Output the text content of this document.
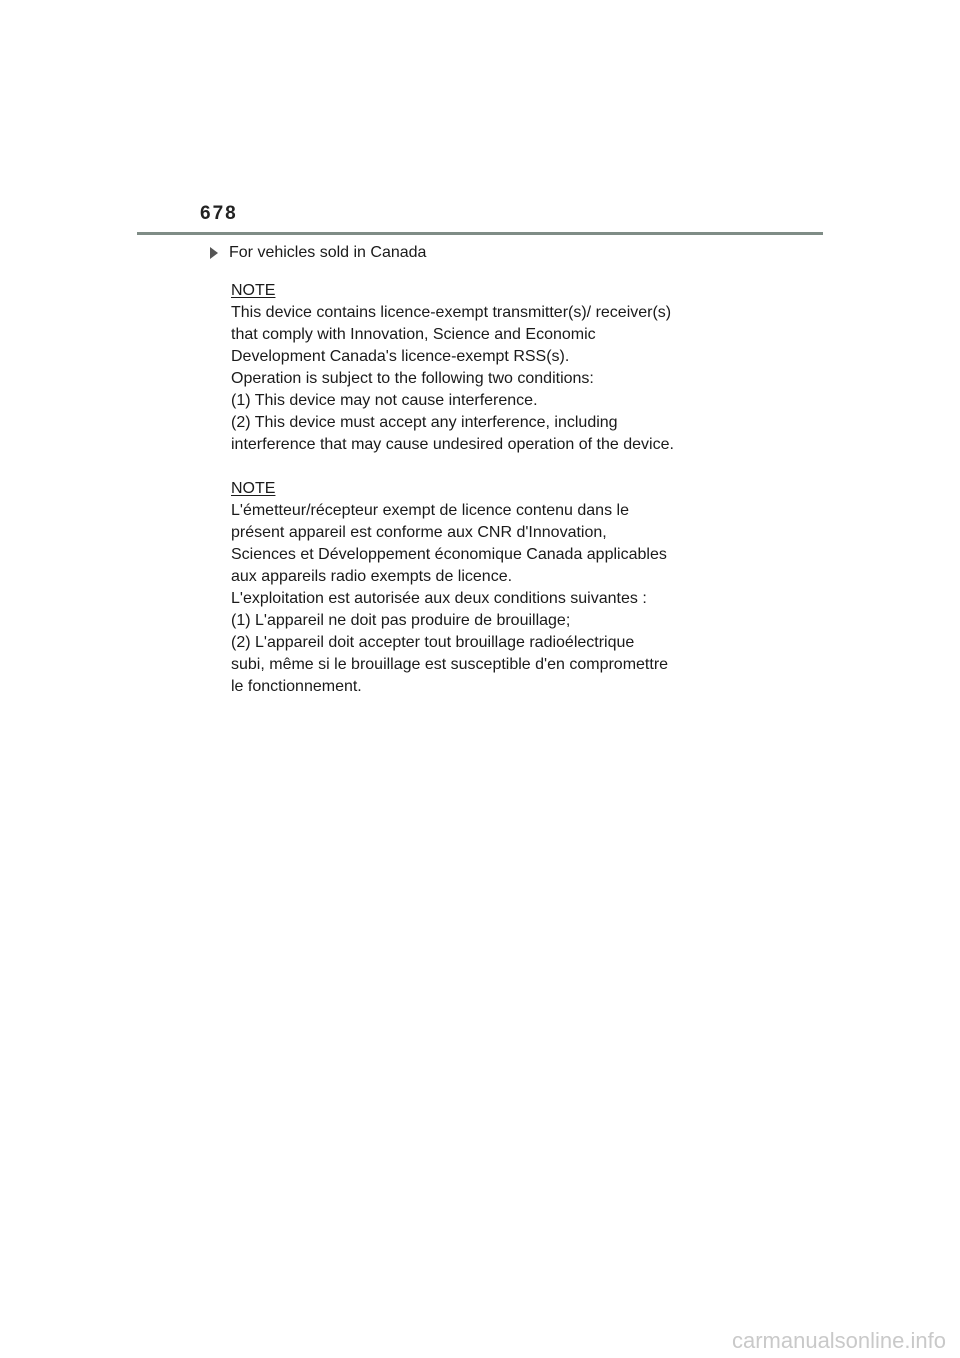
678
For vehicles sold in Canada
NOTE
This device contains licence-exempt transmitter(s)/ receiver(s)
that comply with Innovation, Science and Economic
Development Canada's licence-exempt RSS(s).
Operation is subject to the following two conditions:
(1) This device may not cause interference.
(2) This device must accept any interference, including
interference that may cause undesired operation of the device.
NOTE
L'émetteur/récepteur exempt de licence contenu dans le
présent appareil est conforme aux CNR d'Innovation,
Sciences et Développement économique Canada applicables
aux appareils radio exempts de licence.
L'exploitation est autorisée aux deux conditions suivantes :
(1) L'appareil ne doit pas produire de brouillage;
(2) L'appareil doit accepter tout brouillage radioélectrique
subi, même si le brouillage est susceptible d'en compromettre
le fonctionnement.
carmanualsonline.info
